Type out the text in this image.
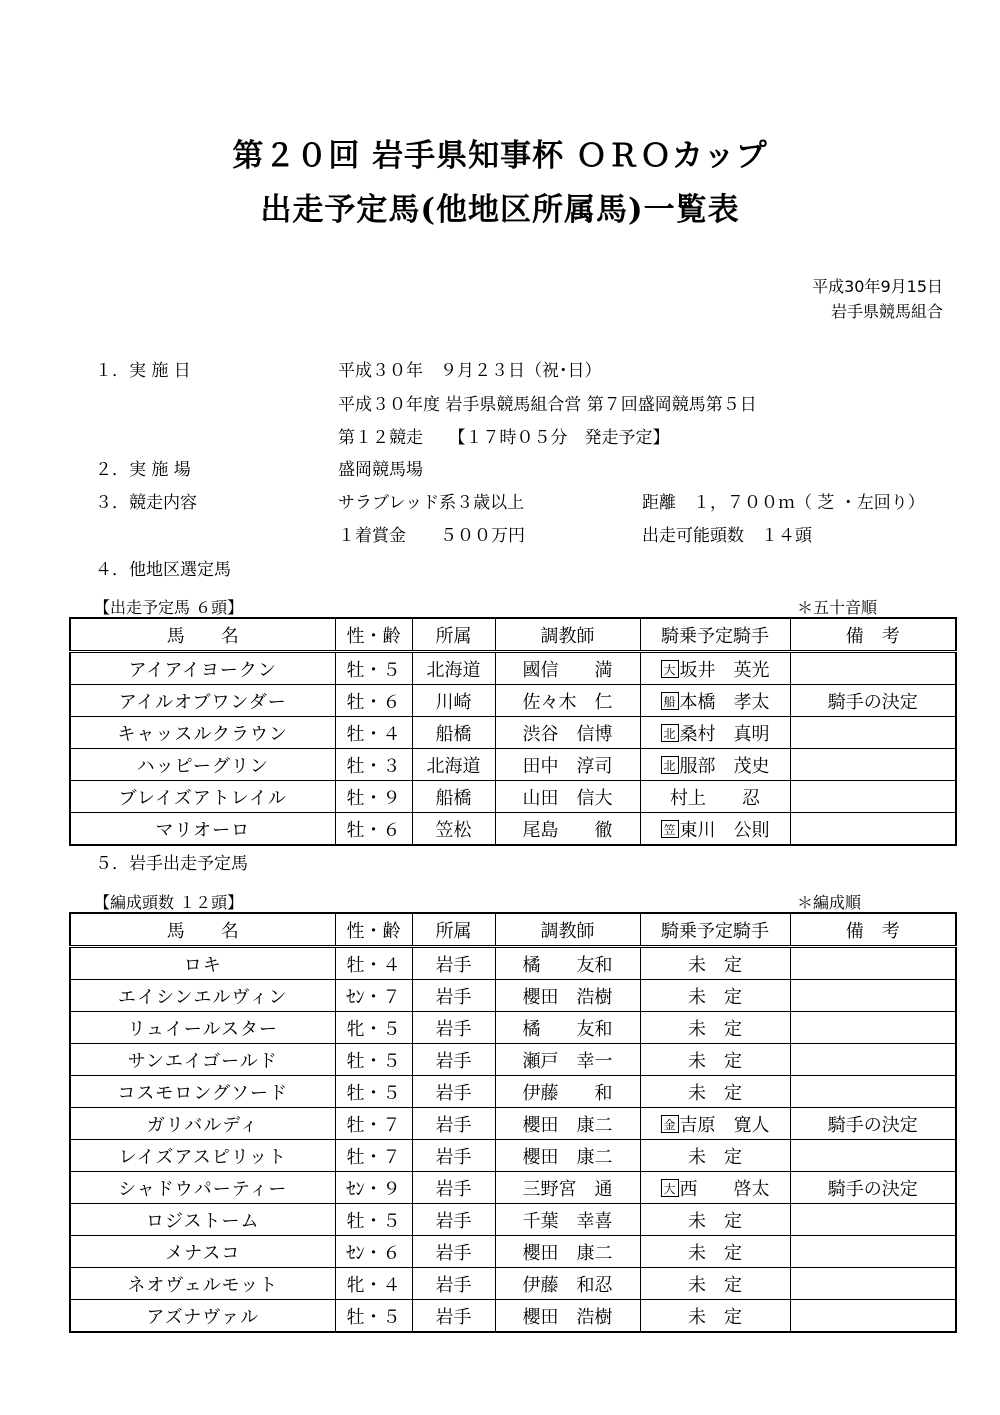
第２０回 岩手県知事杯 ＯＲＯカップ
出走予定馬(他地区所属馬)一覧表
平成30年9月15日
岩手県競馬組合
１．実 施 日	平成３０年　９月２３日（祝･日）
平成３０年度 岩手県競馬組合営 第７回盛岡競馬第５日
第１２競走　　【１７時０５分　発走予定】
２．実 施 場	盛岡競馬場
３．競走内容	サラブレッド系３歳以上	距離　１，７００ｍ（ 芝 ・左回り）
１着賞金　　５００万円	出走可能頭数　１４頭
４．他地区選定馬
【出走予定馬 ６頭】	＊五十音順
馬　　名	性・齢	所属	調教師	騎乗予定騎手	備　考
アイアイヨークン	牡・５	北海道	國信　　満	大 坂井　英光	
アイルオブワンダー	牡・６	川崎	佐々木　仁	船 本橋　孝太	騎手の決定
キャッスルクラウン	牡・４	船橋	渋谷　信博	北 桑村　真明	
ハッピーグリン	牡・３	北海道	田中　淳司	北 服部　茂史	
ブレイズアトレイル	牡・９	船橋	山田　信大	村上　　忍	
マリオーロ	牡・６	笠松	尾島　　徹	笠 東川　公則	
５．岩手出走予定馬
【編成頭数 １２頭】	＊編成順
馬　　名	性・齢	所属	調教師	騎乗予定騎手	備　考
ロキ	牡・４	岩手	橘　　友和	未　定	
エイシンエルヴィン	ｾﾝ・７	岩手	櫻田　浩樹	未　定	
リュイールスター	牝・５	岩手	橘　　友和	未　定	
サンエイゴールド	牡・５	岩手	瀬戸　幸一	未　定	
コスモロングソード	牡・５	岩手	伊藤　　和	未　定	
ガリバルディ	牡・７	岩手	櫻田　康二	金 吉原　寛人	騎手の決定
レイズアスピリット	牡・７	岩手	櫻田　康二	未　定	
シャドウパーティー	ｾﾝ・９	岩手	三野宮　通	大 西　　啓太	騎手の決定
ロジストーム	牡・５	岩手	千葉　幸喜	未　定	
メナスコ	ｾﾝ・６	岩手	櫻田　康二	未　定	
ネオヴェルモット	牝・４	岩手	伊藤　和忍	未　定	
アズナヴァル	牡・５	岩手	櫻田　浩樹	未　定	
